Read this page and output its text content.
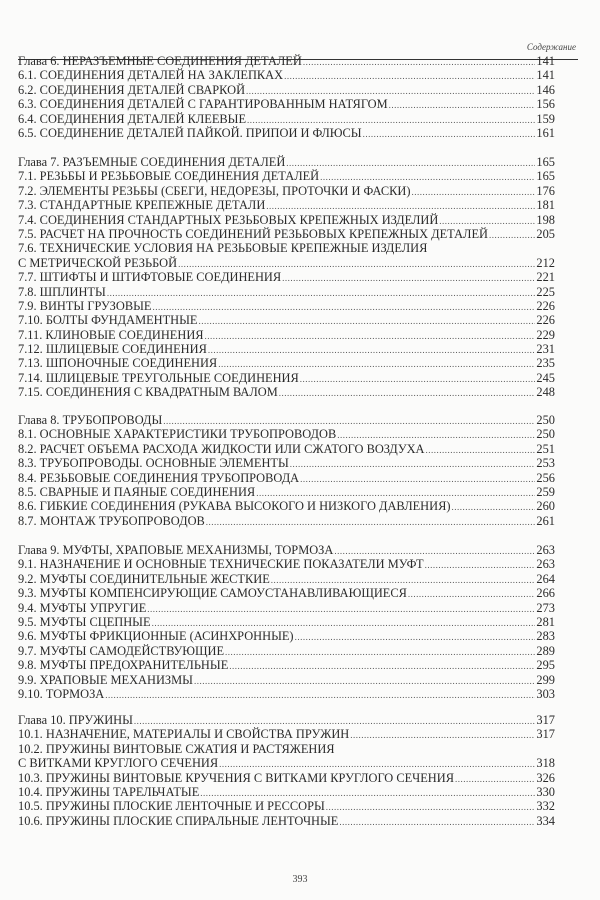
Содержание
Глава 6. НЕРАЗЪЕМНЫЕ СОЕДИНЕНИЯ ДЕТАЛЕЙ .....	141
6.1. СОЕДИНЕНИЯ ДЕТАЛЕЙ НА ЗАКЛЕПКАХ .....	141
6.2. СОЕДИНЕНИЯ ДЕТАЛЕЙ СВАРКОЙ .....	146
6.3. СОЕДИНЕНИЯ ДЕТАЛЕЙ С ГАРАНТИРОВАННЫМ НАТЯГОМ .....	156
6.4. СОЕДИНЕНИЯ ДЕТАЛЕЙ КЛЕЕВЫЕ .....	159
6.5. СОЕДИНЕНИЕ ДЕТАЛЕЙ ПАЙКОЙ. ПРИПОИ И ФЛЮСЫ .....	161
Глава 7. РАЗЪЕМНЫЕ СОЕДИНЕНИЯ ДЕТАЛЕЙ .....	165
7.1. РЕЗЬБЫ И РЕЗЬБОВЫЕ СОЕДИНЕНИЯ ДЕТАЛЕЙ .....	165
7.2. ЭЛЕМЕНТЫ РЕЗЬБЫ (СБЕГИ, НЕДОРЕЗЫ, ПРОТОЧКИ И ФАСКИ) .....	176
7.3. СТАНДАРТНЫЕ КРЕПЕЖНЫЕ ДЕТАЛИ .....	181
7.4. СОЕДИНЕНИЯ СТАНДАРТНЫХ РЕЗЬБОВЫХ КРЕПЕЖНЫХ ИЗДЕЛИЙ .....	198
7.5. РАСЧЕТ НА ПРОЧНОСТЬ СОЕДИНЕНИЙ РЕЗЬБОВЫХ КРЕПЕЖНЫХ ДЕТАЛЕЙ .....	205
7.6. ТЕХНИЧЕСКИЕ УСЛОВИЯ НА РЕЗЬБОВЫЕ КРЕПЕЖНЫЕ ИЗДЕЛИЯ
С МЕТРИЧЕСКОЙ РЕЗЬБОЙ .....	212
7.7. ШТИФТЫ И ШТИФТОВЫЕ СОЕДИНЕНИЯ .....	221
7.8. ШПЛИНТЫ .....	225
7.9. ВИНТЫ ГРУЗОВЫЕ .....	226
7.10. БОЛТЫ ФУНДАМЕНТНЫЕ .....	226
7.11. КЛИНОВЫЕ СОЕДИНЕНИЯ .....	229
7.12. ШЛИЦЕВЫЕ СОЕДИНЕНИЯ .....	231
7.13. ШПОНОЧНЫЕ СОЕДИНЕНИЯ .....	235
7.14. ШЛИЦЕВЫЕ ТРЕУГОЛЬНЫЕ СОЕДИНЕНИЯ .....	245
7.15. СОЕДИНЕНИЯ С КВАДРАТНЫМ ВАЛОМ .....	248
Глава 8. ТРУБОПРОВОДЫ .....	250
8.1. ОСНОВНЫЕ ХАРАКТЕРИСТИКИ ТРУБОПРОВОДОВ .....	250
8.2. РАСЧЕТ ОБЪЕМА РАСХОДА ЖИДКОСТИ ИЛИ СЖАТОГО ВОЗДУХА .....	251
8.3. ТРУБОПРОВОДЫ. ОСНОВНЫЕ ЭЛЕМЕНТЫ .....	253
8.4. РЕЗЬБОВЫЕ СОЕДИНЕНИЯ ТРУБОПРОВОДА .....	256
8.5. СВАРНЫЕ И ПАЯНЫЕ СОЕДИНЕНИЯ .....	259
8.6. ГИБКИЕ СОЕДИНЕНИЯ (РУКАВА ВЫСОКОГО И НИЗКОГО ДАВЛЕНИЯ) .....	260
8.7. МОНТАЖ ТРУБОПРОВОДОВ .....	261
Глава 9. МУФТЫ, ХРАПОВЫЕ МЕХАНИЗМЫ, ТОРМОЗА .....	263
9.1. НАЗНАЧЕНИЕ И ОСНОВНЫЕ ТЕХНИЧЕСКИЕ ПОКАЗАТЕЛИ МУФТ .....	263
9.2. МУФТЫ СОЕДИНИТЕЛЬНЫЕ ЖЕСТКИЕ .....	264
9.3. МУФТЫ КОМПЕНСИРУЮЩИЕ САМОУСТАНАВЛИВАЮЩИЕСЯ .....	266
9.4. МУФТЫ УПРУГИЕ .....	273
9.5. МУФТЫ СЦЕПНЫЕ .....	281
9.6. МУФТЫ ФРИКЦИОННЫЕ (АСИНХРОННЫЕ) .....	283
9.7. МУФТЫ САМОДЕЙСТВУЮЩИЕ .....	289
9.8. МУФТЫ ПРЕДОХРАНИТЕЛЬНЫЕ .....	295
9.9. ХРАПОВЫЕ МЕХАНИЗМЫ .....	299
9.10. ТОРМОЗА .....	303
Глава 10. ПРУЖИНЫ .....	317
10.1. НАЗНАЧЕНИЕ, МАТЕРИАЛЫ И СВОЙСТВА ПРУЖИН .....	317
10.2. ПРУЖИНЫ ВИНТОВЫЕ СЖАТИЯ И РАСТЯЖЕНИЯ
С ВИТКАМИ КРУГЛОГО СЕЧЕНИЯ .....	318
10.3. ПРУЖИНЫ ВИНТОВЫЕ КРУЧЕНИЯ С ВИТКАМИ КРУГЛОГО СЕЧЕНИЯ .....	326
10.4. ПРУЖИНЫ ТАРЕЛЬЧАТЫЕ .....	330
10.5. ПРУЖИНЫ ПЛОСКИЕ ЛЕНТОЧНЫЕ И РЕССОРЫ .....	332
10.6. ПРУЖИНЫ ПЛОСКИЕ СПИРАЛЬНЫЕ ЛЕНТОЧНЫЕ .....	334
393
